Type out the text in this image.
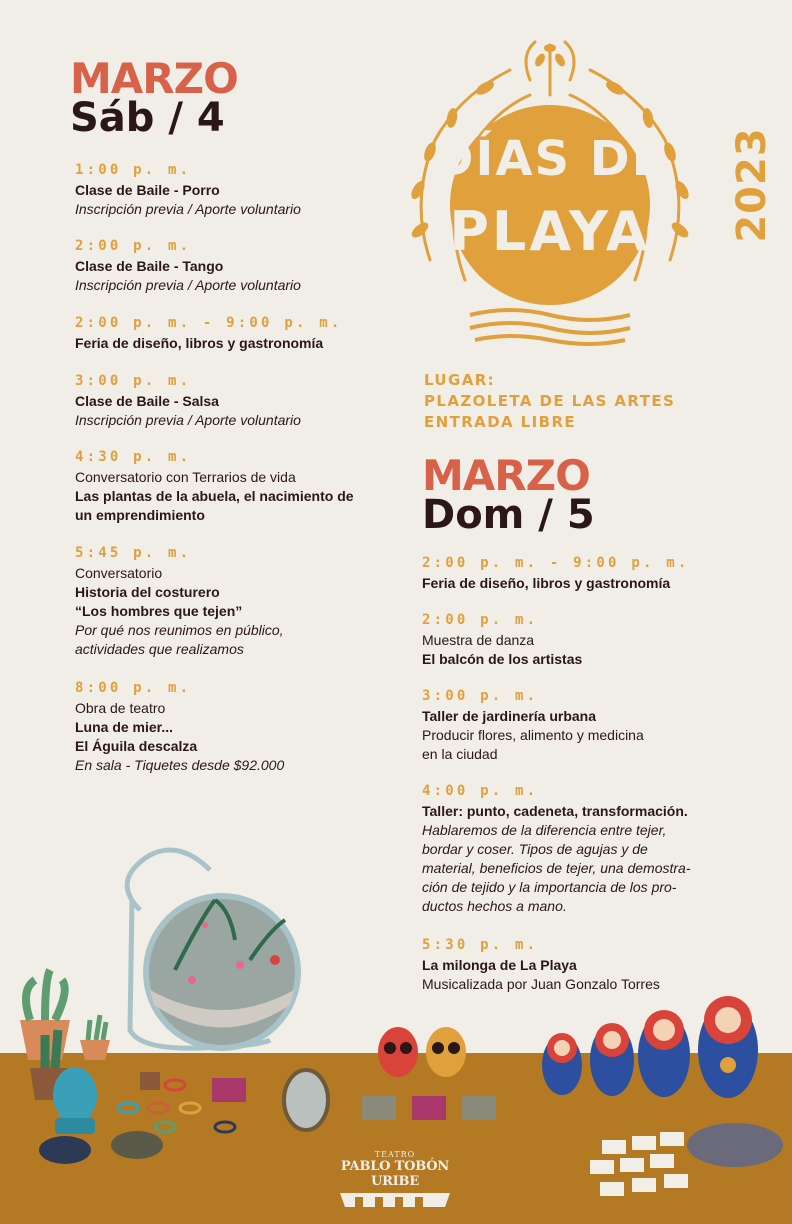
MARZO
Sáb / 4
1:00 p. m.
Clase de Baile - Porro
Inscripción previa / Aporte voluntario
2:00 p. m.
Clase de Baile - Tango
Inscripción previa / Aporte voluntario
2:00 p. m. - 9:00 p. m.
Feria de diseño, libros y gastronomía
3:00 p. m.
Clase de Baile - Salsa
Inscripción previa / Aporte voluntario
4:30 p. m.
Conversatorio con Terrarios de vida
Las plantas de la abuela, el nacimiento de
un emprendimiento
5:45 p. m.
Conversatorio
Historia del costurero
“Los hombres que tejen”
Por qué nos reunimos en público,
actividades que realizamos
8:00 p. m.
Obra de teatro
Luna de mier...
El Águila descalza
En sala - Tiquetes desde $92.000
DÍAS DE
PLAYA	2023
LUGAR:
PLAZOLETA DE LAS ARTES
ENTRADA LIBRE
MARZO
Dom / 5
2:00 p. m. - 9:00 p. m.
Feria de diseño, libros y gastronomía
2:00 p. m.
Muestra de danza
El balcón de los artistas
3:00 p. m.
Taller de jardinería urbana
Producir flores, alimento y medicina
en la ciudad
4:00 p. m.
Taller: punto, cadeneta, transformación.
Hablaremos de la diferencia entre tejer,
bordar y coser. Tipos de agujas y de
material, beneficios de tejer, una demostra-
ción de tejido y la importancia de los pro-
ductos hechos a mano.
5:30 p. m.
La milonga de La Playa
Musicalizada por Juan Gonzalo Torres
TEATRO
PABLO TOBÓN URIBE
